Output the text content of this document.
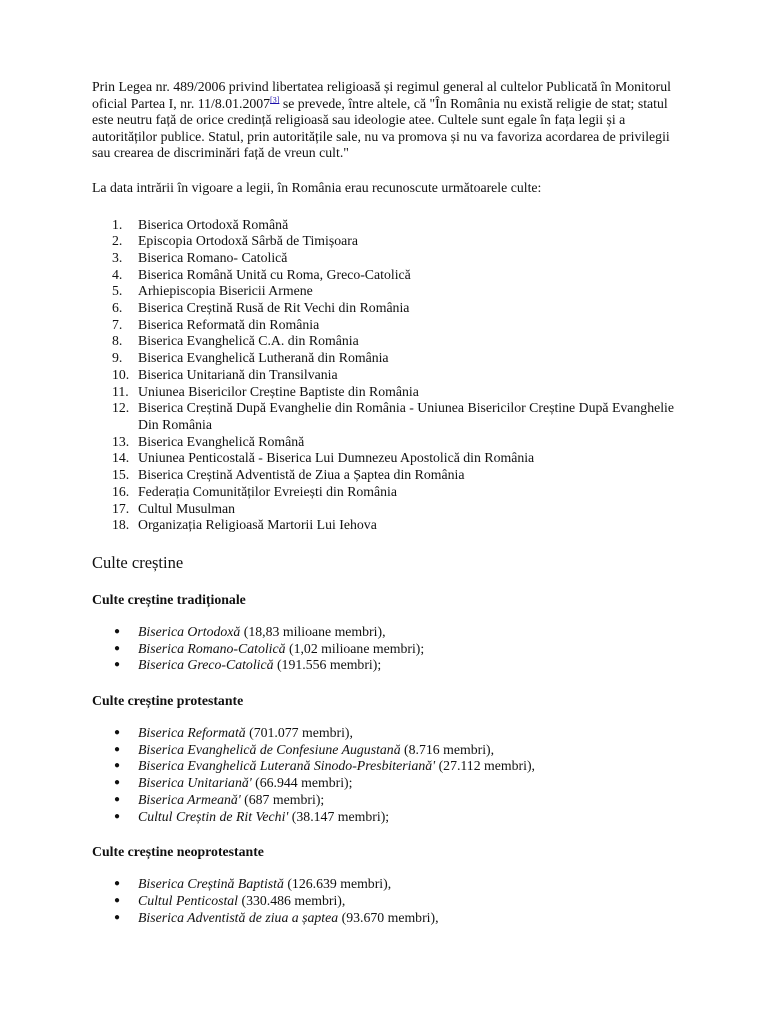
Prin Legea nr. 489/2006 privind libertatea religioasă și regimul general al cultelor Publicată în Monitorul oficial Partea I, nr. 11/8.01.2007[3] se prevede, între altele, că "În România nu există religie de stat; statul este neutru față de orice credință religioasă sau ideologie atee. Cultele sunt egale în fața legii și a autorităților publice. Statul, prin autoritățile sale, nu va promova și nu va favoriza acordarea de privilegii sau crearea de discriminări față de vreun cult."

La data intrării în vigoare a legii, în România erau recunoscute următoarele culte:

1. Biserica Ortodoxă Română
2. Episcopia Ortodoxă Sârbă de Timișoara
3. Biserica Romano- Catolică
4. Biserica Română Unită cu Roma, Greco-Catolică
5. Arhiepiscopia Bisericii Armene
6. Biserica Creștină Rusă de Rit Vechi din România
7. Biserica Reformată din România
8. Biserica Evanghelică C.A. din România
9. Biserica Evanghelică Lutherană din România
10. Biserica Unitariană din Transilvania
11. Uniunea Bisericilor Creștine Baptiste din România
12. Biserica Creștină După Evanghelie din România - Uniunea Bisericilor Creștine După Evanghelie Din România
13. Biserica Evanghelică Română
14. Uniunea Penticostală - Biserica Lui Dumnezeu Apostolică din România
15. Biserica Creștină Adventistă de Ziua a Șaptea din România
16. Federația Comunităților Evreiești din România
17. Cultul Musulman
18. Organizația Religioasă Martorii Lui Iehova
Culte creștine
Culte creștine tradiționale
● Biserica Ortodoxă (18,83 milioane membri),
● Biserica Romano-Catolică (1,02 milioane membri);
● Biserica Greco-Catolică (191.556 membri);
Culte creștine protestante
● Biserica Reformată (701.077 membri),
● Biserica Evanghelică de Confesiune Augustană (8.716 membri),
● Biserica Evanghelică Luterană Sinodo-Presbiteriană' (27.112 membri),
● Biserica Unitariană' (66.944 membri);
● Biserica Armeană' (687 membri);
● Cultul Creștin de Rit Vechi' (38.147 membri);
Culte creștine neoprotestante
● Biserica Creștină Baptistă (126.639 membri),
● Cultul Penticostal (330.486 membri),
● Biserica Adventistă de ziua a șaptea (93.670 membri),
